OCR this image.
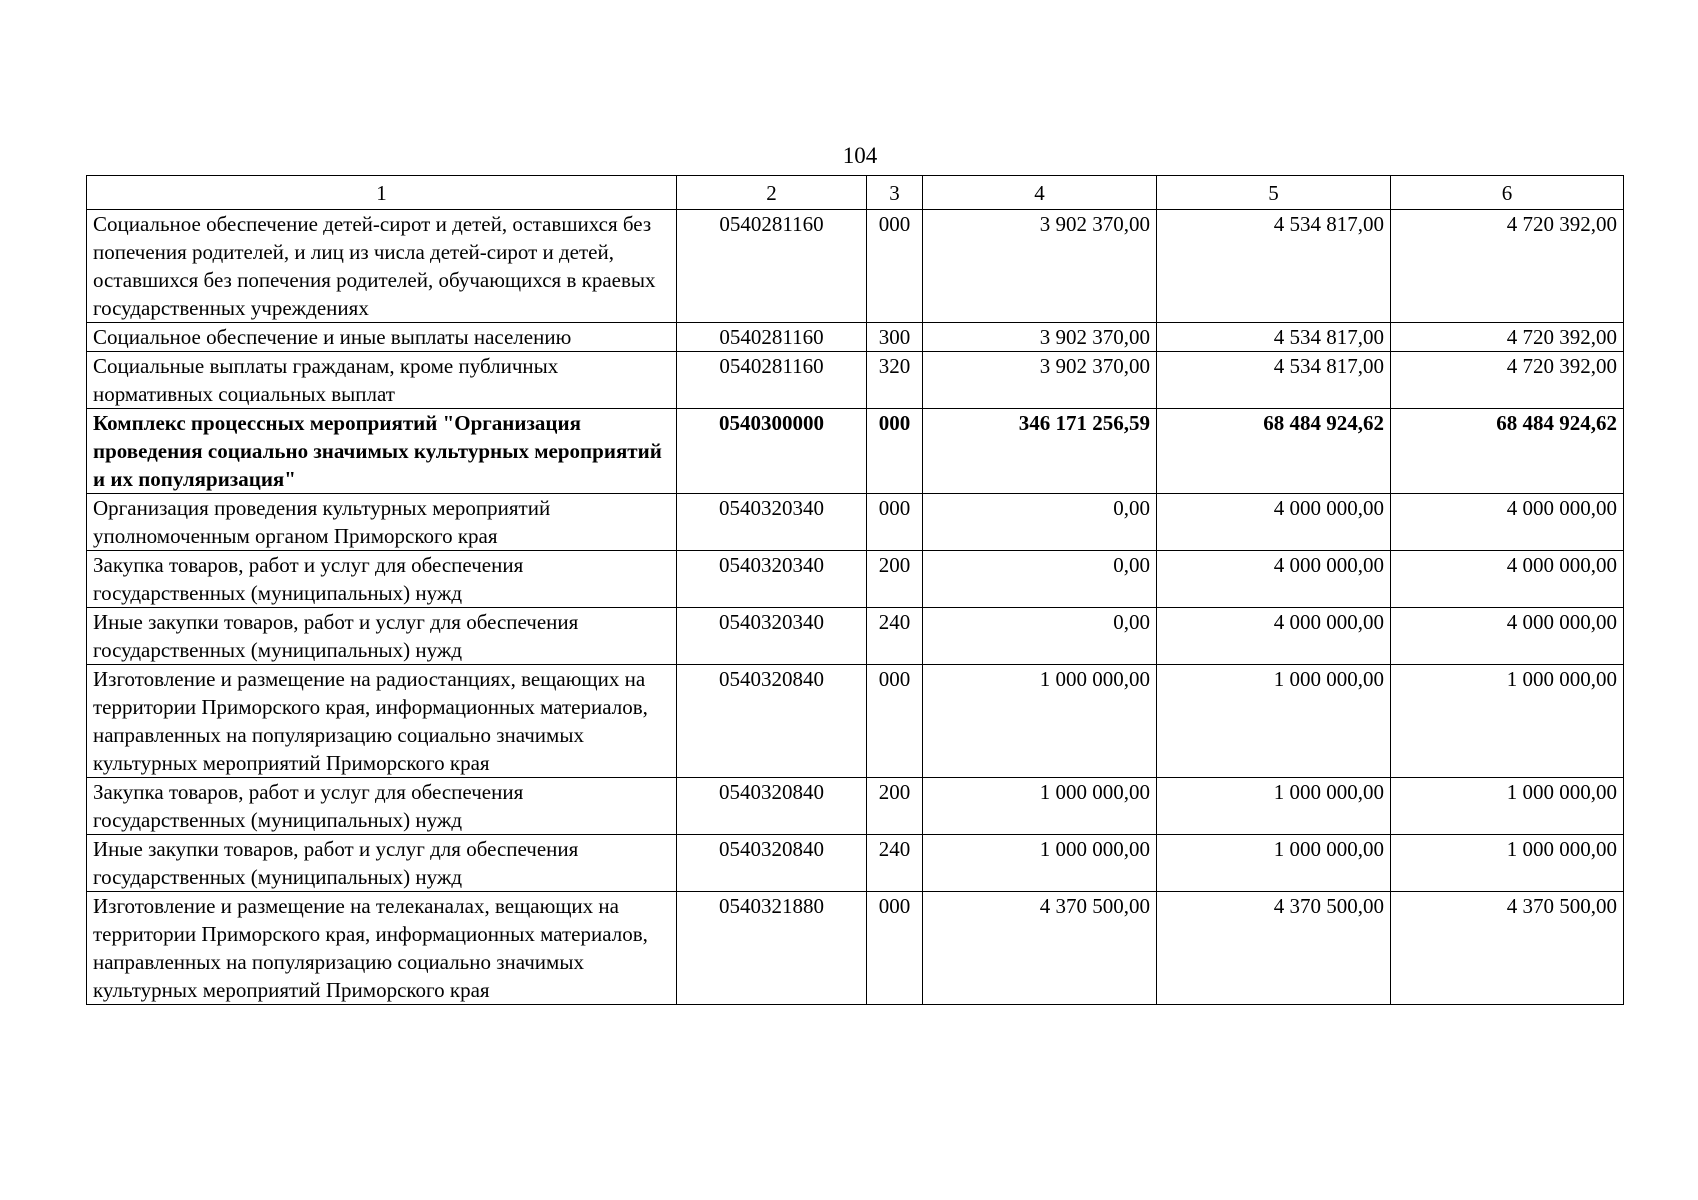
104
1	2	3	4	5	6
Социальное обеспечение детей-сирот и детей, оставшихся без попечения родителей, и лиц из числа детей-сирот и детей, оставшихся без попечения родителей, обучающихся в краевых государственных учреждениях	0540281160	000	3 902 370,00	4 534 817,00	4 720 392,00
Социальное обеспечение и иные выплаты населению	0540281160	300	3 902 370,00	4 534 817,00	4 720 392,00
Социальные выплаты гражданам, кроме публичных нормативных социальных выплат	0540281160	320	3 902 370,00	4 534 817,00	4 720 392,00
Комплекс процессных мероприятий "Организация проведения социально значимых культурных мероприятий и их популяризация"	0540300000	000	346 171 256,59	68 484 924,62	68 484 924,62
Организация проведения культурных мероприятий уполномоченным органом Приморского края	0540320340	000	0,00	4 000 000,00	4 000 000,00
Закупка товаров, работ и услуг для обеспечения государственных (муниципальных) нужд	0540320340	200	0,00	4 000 000,00	4 000 000,00
Иные закупки товаров, работ и услуг для обеспечения государственных (муниципальных) нужд	0540320340	240	0,00	4 000 000,00	4 000 000,00
Изготовление и размещение на радиостанциях, вещающих на территории Приморского края, информационных материалов, направленных на популяризацию социально значимых культурных мероприятий Приморского края	0540320840	000	1 000 000,00	1 000 000,00	1 000 000,00
Закупка товаров, работ и услуг для обеспечения государственных (муниципальных) нужд	0540320840	200	1 000 000,00	1 000 000,00	1 000 000,00
Иные закупки товаров, работ и услуг для обеспечения государственных (муниципальных) нужд	0540320840	240	1 000 000,00	1 000 000,00	1 000 000,00
Изготовление и размещение на телеканалах, вещающих на территории Приморского края, информационных материалов, направленных на популяризацию социально значимых культурных мероприятий Приморского края	0540321880	000	4 370 500,00	4 370 500,00	4 370 500,00
